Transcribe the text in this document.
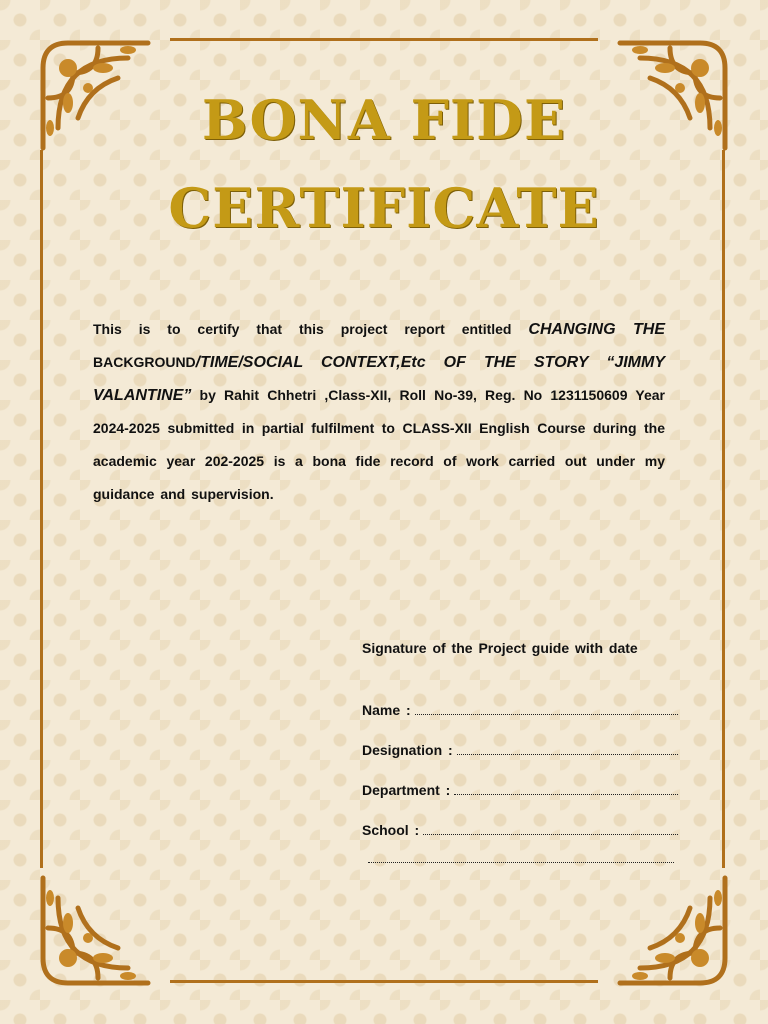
BONA FIDE
CERTIFICATE

This is to certify that this project report entitled CHANGING THE BACKGROUND/TIME/SOCIAL CONTEXT,Etc OF THE STORY “JIMMY VALANTINE” by Rahit Chhetri ,Class-XII, Roll No-39, Reg. No 1231150609 Year 2024-2025 submitted in partial fulfilment to CLASS-XII English Course during the academic year 202-2025 is a bona fide record of work carried out under my guidance and supervision.

Signature of the Project guide with date

Name :
Designation :
Department :
School :
